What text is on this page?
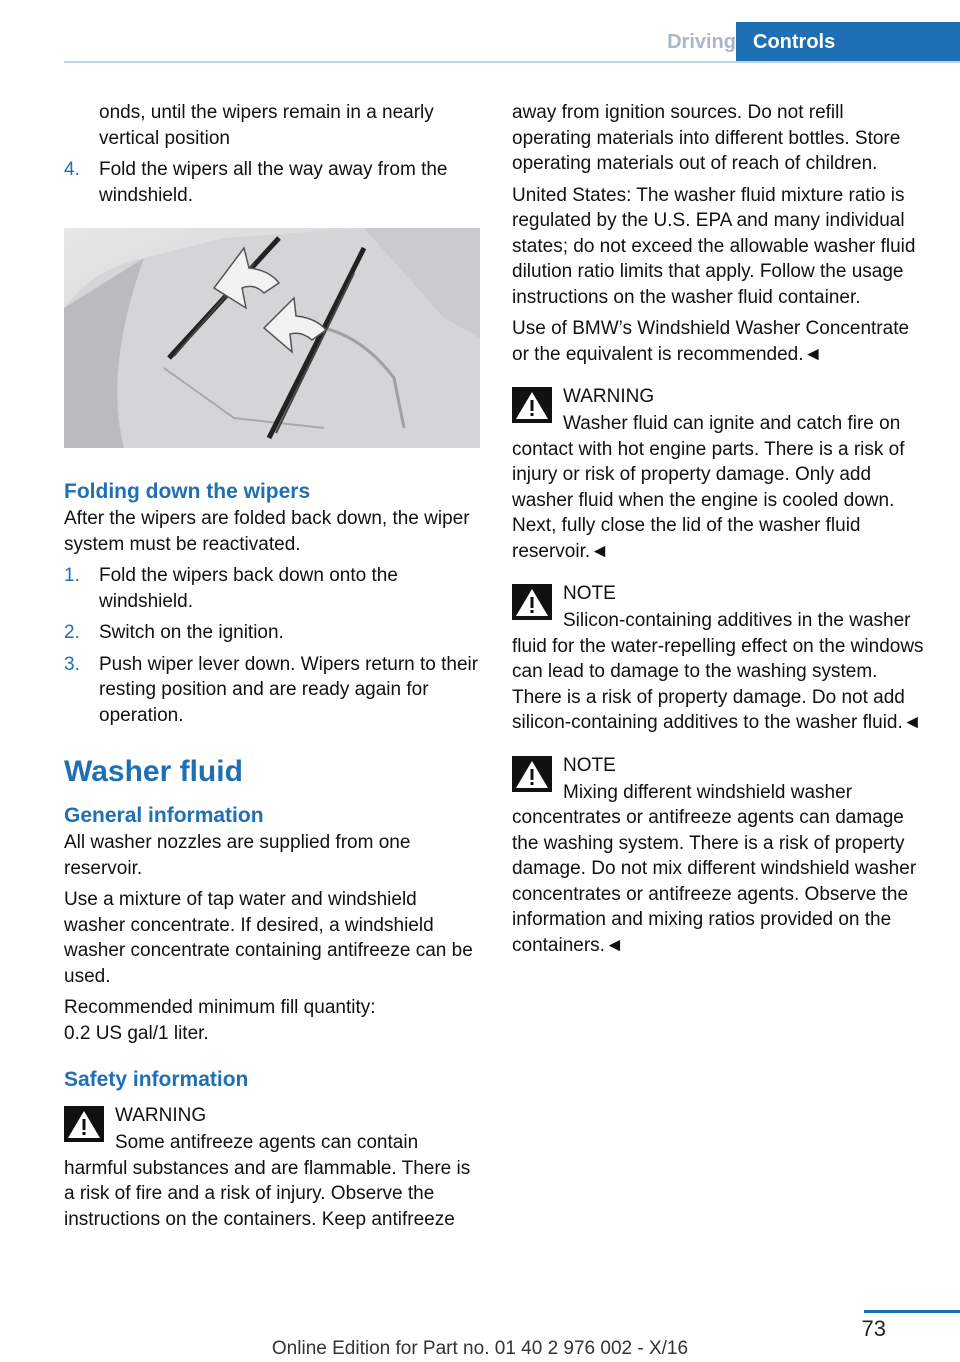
Driving Controls

onds, until the wipers remain in a nearly vertical position

4. Fold the wipers all the way away from the windshield.
Folding down the wipers

After the wipers are folded back down, the wiper system must be reactivated.

1. Fold the wipers back down onto the windshield.
2. Switch on the ignition.
3. Push wiper lever down. Wipers return to their resting position and are ready again for operation.
Washer fluid
General information

All washer nozzles are supplied from one reservoir.

Use a mixture of tap water and windshield washer concentrate. If desired, a windshield washer concentrate containing antifreeze can be used.

Recommended minimum fill quantity:
0.2 US gal/1 liter.

Safety information

WARNING

Some antifreeze agents can contain harmful substances and are flammable. There is a risk of fire and a risk of injury. Observe the instructions on the containers. Keep antifreeze

away from ignition sources. Do not refill operating materials into different bottles. Store operating materials out of reach of children.

United States: The washer fluid mixture ratio is regulated by the U.S. EPA and many individual states; do not exceed the allowable washer fluid dilution ratio limits that apply. Follow the usage instructions on the washer fluid container.

Use of BMW’s Windshield Washer Concentrate or the equivalent is recommended.◄

WARNING

Washer fluid can ignite and catch fire on contact with hot engine parts. There is a risk of injury or risk of property damage. Only add washer fluid when the engine is cooled down. Next, fully close the lid of the washer fluid reservoir.◄

NOTE

Silicon-containing additives in the washer fluid for the water-repelling effect on the windows can lead to damage to the washing system. There is a risk of property damage. Do not add silicon-containing additives to the washer fluid.◄

NOTE

Mixing different windshield washer concentrates or antifreeze agents can damage the washing system. There is a risk of property damage. Do not mix different windshield washer concentrates or antifreeze agents. Observe the information and mixing ratios provided on the containers.◄

73
Online Edition for Part no. 01 40 2 976 002 - X/16
